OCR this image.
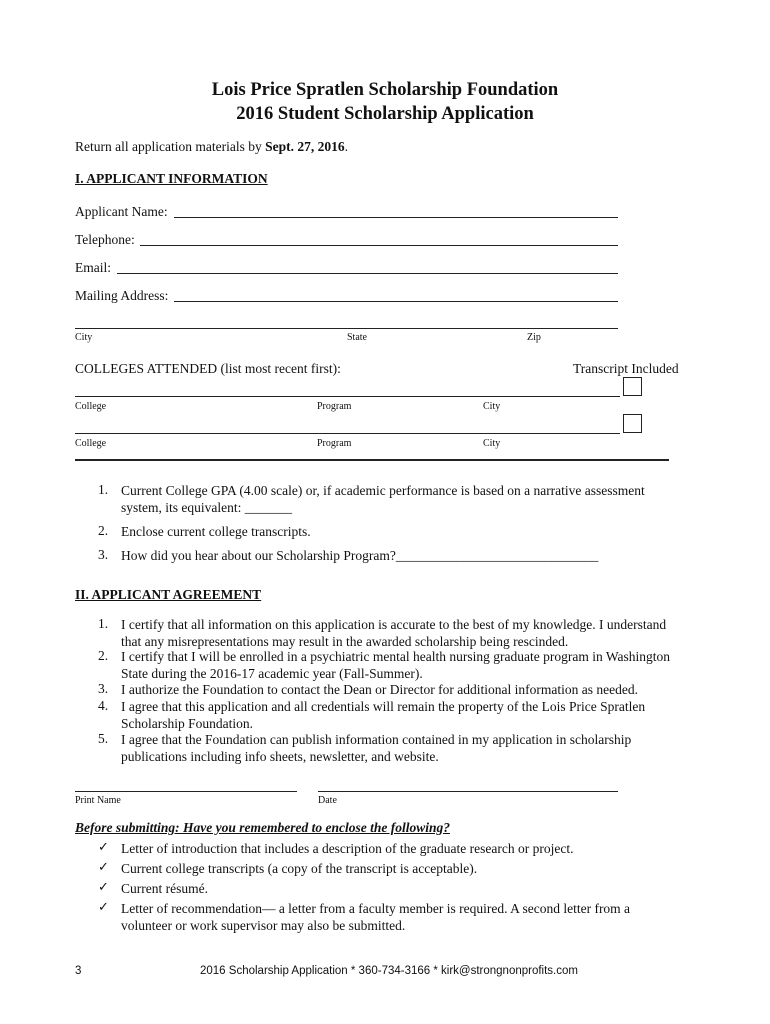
Lois Price Spratlen Scholarship Foundation
2016 Student Scholarship Application
Return all application materials by Sept. 27, 2016.
I. APPLICANT INFORMATION
Applicant Name:
Telephone:
Email:
Mailing Address:
City	State	Zip
COLLEGES ATTENDED (list most recent first):	Transcript Included
College	Program	City
College	Program	City
1. Current College GPA (4.00 scale) or, if academic performance is based on a narrative assessment
system, its equivalent: _______
2. Enclose current college transcripts.
3. How did you hear about our Scholarship Program?______________________________
II. APPLICANT AGREEMENT
1. I certify that all information on this application is accurate to the best of my knowledge. I understand
that any misrepresentations may result in the awarded scholarship being rescinded.
2. I certify that I will be enrolled in a psychiatric mental health nursing graduate program in Washington
State during the 2016-17 academic year (Fall-Summer).
3. I authorize the Foundation to contact the Dean or Director for additional information as needed.
4. I agree that this application and all credentials will remain the property of the Lois Price Spratlen
Scholarship Foundation.
5. I agree that the Foundation can publish information contained in my application in scholarship
publications including info sheets, newsletter, and website.
Print Name	Date
Before submitting: Have you remembered to enclose the following?
✓ Letter of introduction that includes a description of the graduate research or project.
✓ Current college transcripts (a copy of the transcript is acceptable).
✓ Current résumé.
✓ Letter of recommendation— a letter from a faculty member is required. A second letter from a
volunteer or work supervisor may also be submitted.
3	2016 Scholarship Application * 360-734-3166 * kirk@strongnonprofits.com
